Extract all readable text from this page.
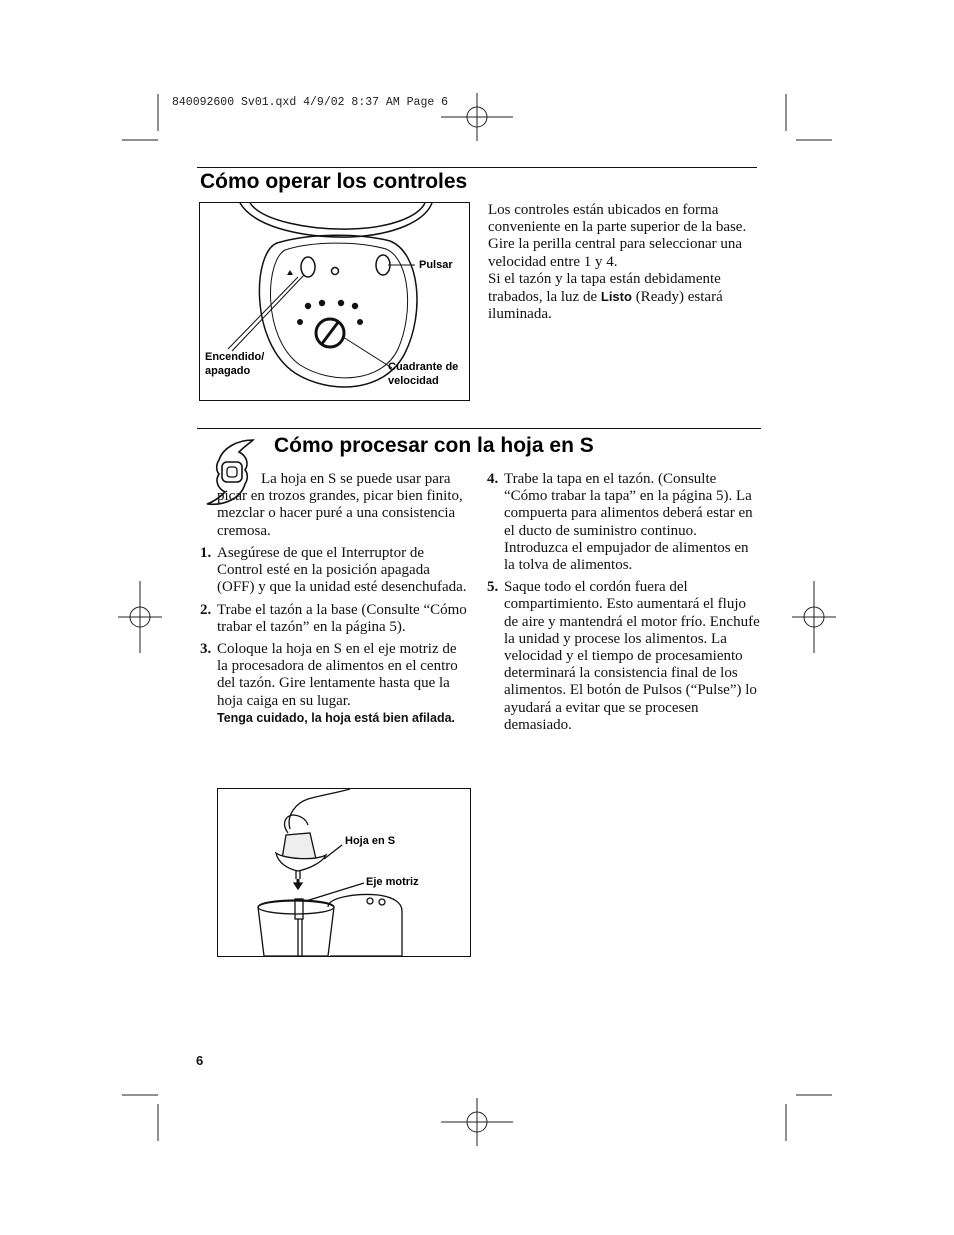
840092600 Sv01.qxd 4/9/02 8:37 AM Page 6
Cómo operar los controles
Pulsar
Encendido/
apagado	Cuadrante de
velocidad
Los controles están ubicados en forma conveniente en la parte superior de la base. Gire la perilla central para seleccionar una velocidad entre 1 y 4.
Si el tazón y la tapa están debidamente trabados, la luz de Listo (Ready) estará iluminada.
Cómo procesar con la hoja en S
La hoja en S se puede usar para picar en trozos grandes, picar bien finito, mezclar o hacer puré a una consistencia cremosa.
1. Asegúrese de que el Interruptor de Control esté en la posición apagada (OFF) y que la unidad esté desenchufada.
2. Trabe el tazón a la base (Consulte “Cómo trabar el tazón” en la página 5).
3. Coloque la hoja en S en el eje motriz de la procesadora de alimentos en el centro del tazón. Gire lentamente hasta que la hoja caiga en su lugar.
Tenga cuidado, la hoja está bien afilada.
4. Trabe la tapa en el tazón. (Consulte “Cómo trabar la tapa” en la página 5). La compuerta para alimentos deberá estar en el ducto de suministro continuo. Introduzca el empujador de alimentos en la tolva de alimentos.
5. Saque todo el cordón fuera del compartimiento. Esto aumentará el flujo de aire y mantendrá el motor frío. Enchufe la unidad y procese los alimentos. La velocidad y el tiempo de procesamiento determinará la consistencia final de los alimentos. El botón de Pulsos (“Pulse”) lo ayudará a evitar que se procesen demasiado.
Hoja en S
Eje motriz
6
